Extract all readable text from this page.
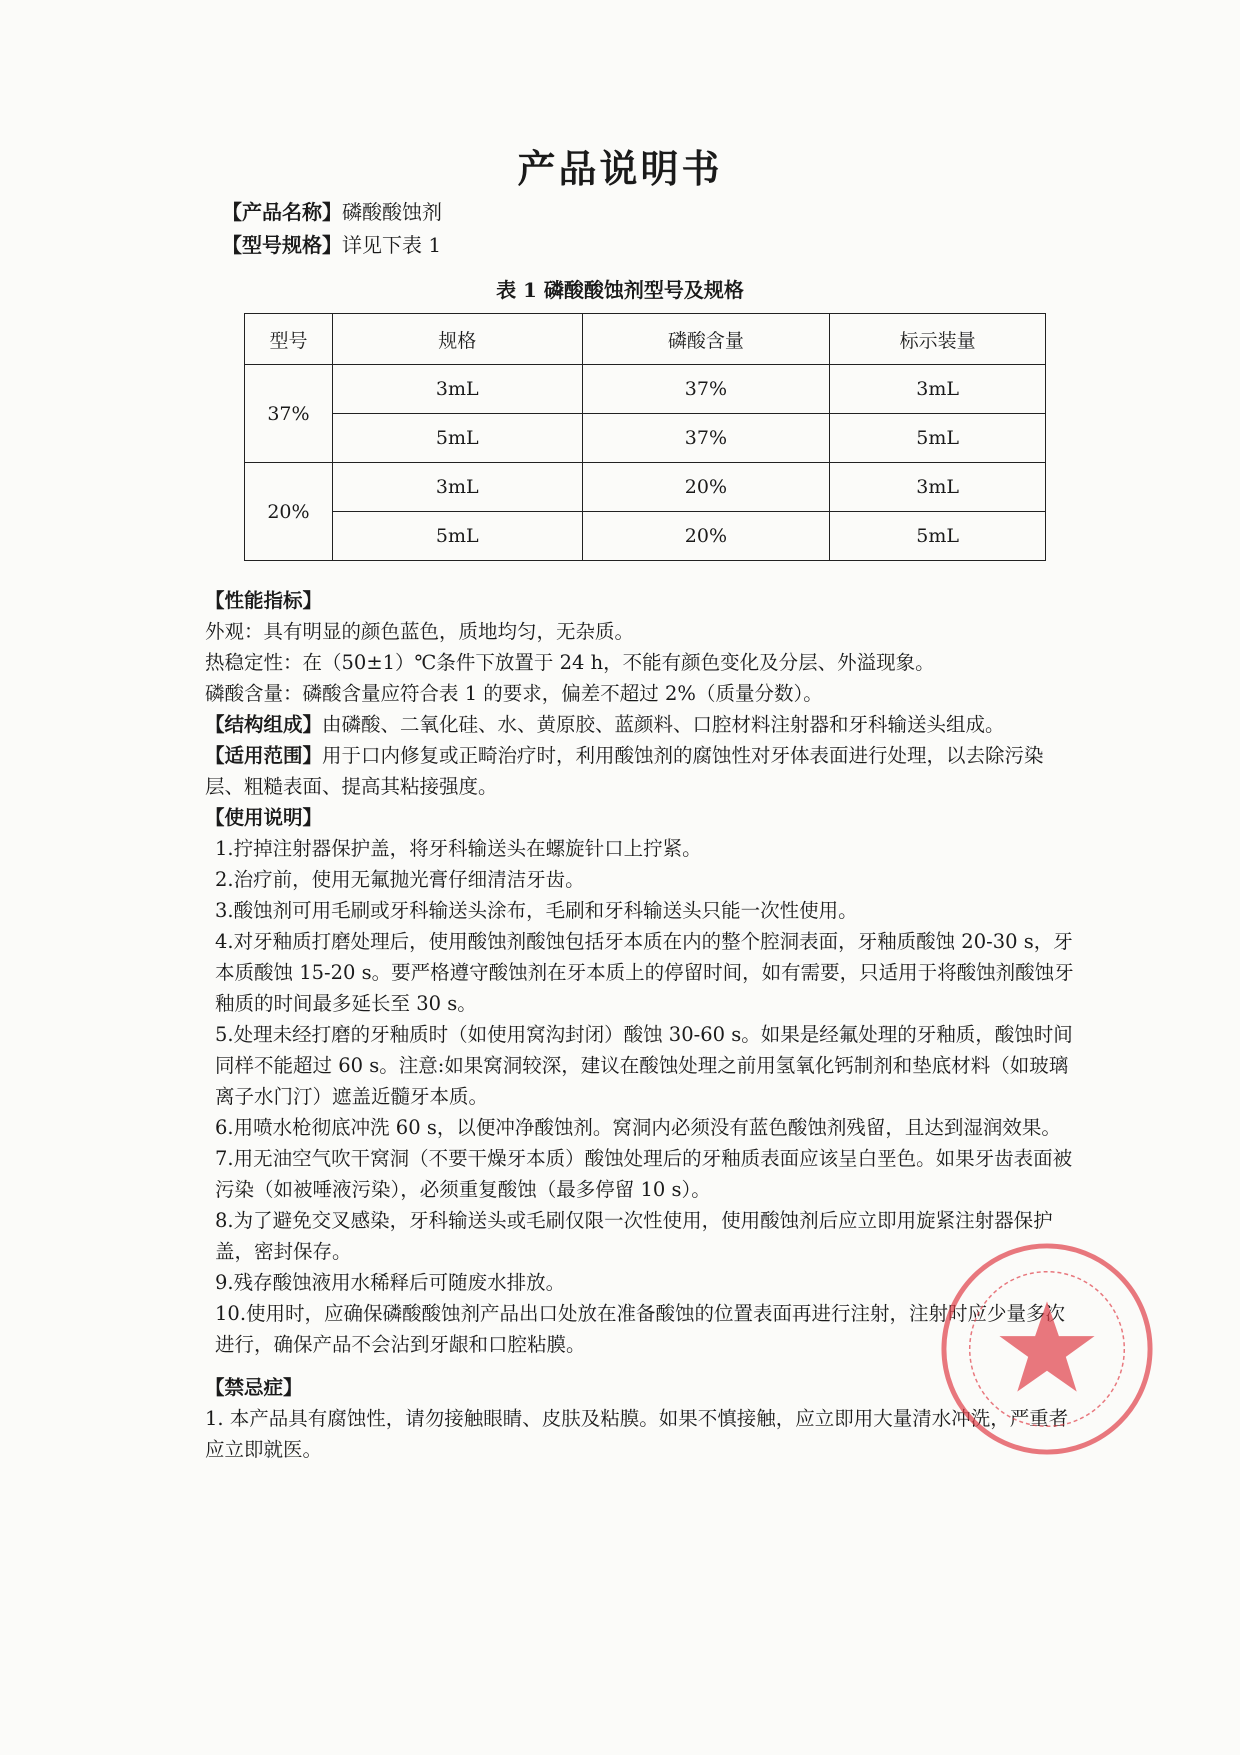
产品说明书
【产品名称】磷酸酸蚀剂
【型号规格】详见下表 1
表 1 磷酸酸蚀剂型号及规格
型号	规格	磷酸含量	标示装量
37%	3mL	37%	3mL
	5mL	37%	5mL
20%	3mL	20%	3mL
	5mL	20%	5mL

【性能指标】

外观：具有明显的颜色蓝色，质地均匀，无杂质。

热稳定性：在（50±1）℃条件下放置于 24 h，不能有颜色变化及分层、外溢现象。

磷酸含量：磷酸含量应符合表 1 的要求，偏差不超过 2%（质量分数）。

【结构组成】由磷酸、二氧化硅、水、黄原胶、蓝颜料、口腔材料注射器和牙科输送头组成。

【适用范围】用于口内修复或正畸治疗时，利用酸蚀剂的腐蚀性对牙体表面进行处理，以去除污染层、粗糙表面、提高其粘接强度。

【使用说明】

1.拧掉注射器保护盖，将牙科输送头在螺旋针口上拧紧。

2.治疗前，使用无氟抛光膏仔细清洁牙齿。

3.酸蚀剂可用毛刷或牙科输送头涂布，毛刷和牙科输送头只能一次性使用。

4.对牙釉质打磨处理后，使用酸蚀剂酸蚀包括牙本质在内的整个腔洞表面，牙釉质酸蚀 20-30 s，牙本质酸蚀 15-20 s。要严格遵守酸蚀剂在牙本质上的停留时间，如有需要，只适用于将酸蚀剂酸蚀牙釉质的时间最多延长至 30 s。

5.处理未经打磨的牙釉质时（如使用窝沟封闭）酸蚀 30-60 s。如果是经氟处理的牙釉质，酸蚀时间同样不能超过 60 s。注意:如果窝洞较深，建议在酸蚀处理之前用氢氧化钙制剂和垫底材料（如玻璃离子水门汀）遮盖近髓牙本质。

6.用喷水枪彻底冲洗 60 s，以便冲净酸蚀剂。窝洞内必须没有蓝色酸蚀剂残留，且达到湿润效果。

7.用无油空气吹干窝洞（不要干燥牙本质）酸蚀处理后的牙釉质表面应该呈白垩色。如果牙齿表面被污染（如被唾液污染），必须重复酸蚀（最多停留 10 s）。

8.为了避免交叉感染，牙科输送头或毛刷仅限一次性使用，使用酸蚀剂后应立即用旋紧注射器保护盖，密封保存。

9.残存酸蚀液用水稀释后可随废水排放。

10.使用时，应确保磷酸酸蚀剂产品出口处放在准备酸蚀的位置表面再进行注射，注射时应少量多次进行，确保产品不会沾到牙龈和口腔粘膜。

【禁忌症】

1. 本产品具有腐蚀性，请勿接触眼睛、皮肤及粘膜。如果不慎接触，应立即用大量清水冲洗，严重者应立即就医。
